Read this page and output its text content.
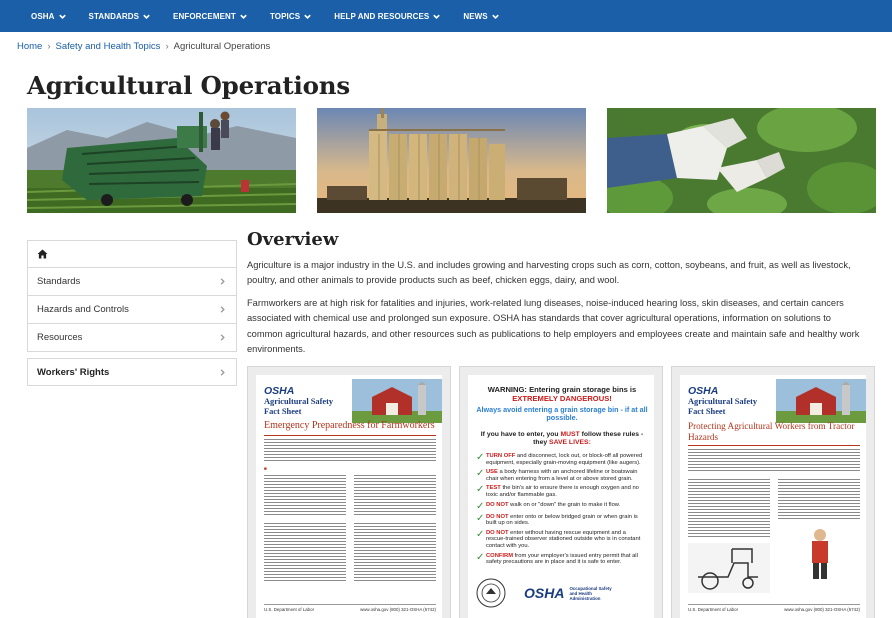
OSHA	STANDARDS	ENFORCEMENT	TOPICS	HELP AND RESOURCES	NEWS
Home › Safety and Health Topics › Agricultural Operations
Agricultural Operations
Standards
Hazards and Controls
Resources
Workers' Rights
Overview

Agriculture is a major industry in the U.S. and includes growing and harvesting crops such as corn, cotton, soybeans, and fruit, as well as livestock, poultry, and other animals to provide products such as beef, chicken eggs, dairy, and wool.

Farmworkers are at high risk for fatalities and injuries, work-related lung diseases, noise-induced hearing loss, skin diseases, and certain cancers associated with chemical use and prolonged sun exposure. OSHA has standards that cover agricultural operations, information on solutions to common agricultural hazards, and other resources such as publications to help employers and employees create and maintain safe and healthy work environments.

OSHA
Agricultural Safety
Fact Sheet
Emergency Preparedness for Farmworkers
■
U.S. Department of Labor	www.osha.gov (800) 321-OSHA (6742)
WARNING: Entering grain storage bins is
EXTREMELY DANGEROUS!
Always avoid entering a grain storage bin - if at all possible.
If you have to enter, you MUST follow these rules - they SAVE LIVES:
✓ TURN OFF and disconnect, lock out, or block-off all powered equipment, especially grain-moving equipment (like augers).
✓ USE a body harness with an anchored lifeline or boatswain chair when entering from a level at or above stored grain.
✓ TEST the bin's air to ensure there is enough oxygen and no toxic and/or flammable gas.
✓ DO NOT walk on or "down" the grain to make it flow.
✓ DO NOT enter onto or below bridged grain or when grain is built up on sides.
✓ DO NOT enter without having rescue equipment and a rescue-trained observer stationed outside who is in constant contact with you.
✓ CONFIRM from your employer's issued entry permit that all safety precautions are in place and it is safe to enter.
OSHA Occupational Safety and Health Administration
OSHA
Agricultural Safety
Fact Sheet
Protecting Agricultural Workers from Tractor Hazards
U.S. Department of Labor	www.osha.gov (800) 321-OSHA (6742)
